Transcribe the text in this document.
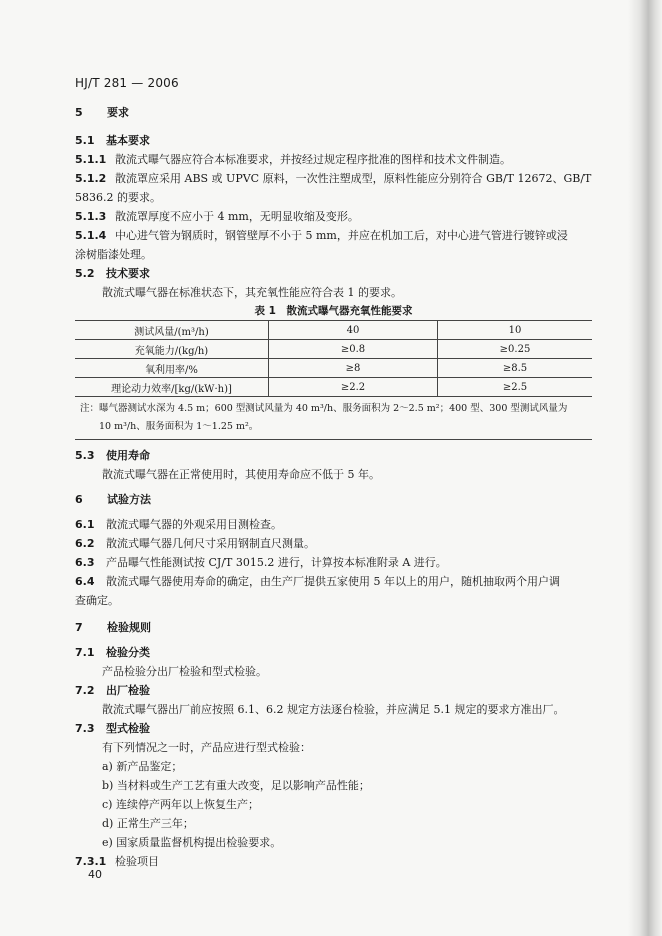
HJ/T 281 — 2006
5 要求
5.1 基本要求
5.1.1 散流式曝气器应符合本标准要求，并按经过规定程序批准的图样和技术文件制造。
5.1.2 散流罩应采用 ABS 或 UPVC 原料，一次性注塑成型，原料性能应分别符合 GB/T 12672、GB/T
5836.2 的要求。
5.1.3 散流罩厚度不应小于 4 mm，无明显收缩及变形。
5.1.4 中心进气管为钢质时，钢管壁厚不小于 5 mm，并应在机加工后，对中心进气管进行镀锌或浸
涂树脂漆处理。
5.2 技术要求
散流式曝气器在标准状态下，其充氧性能应符合表 1 的要求。
表 1　散流式曝气器充氧性能要求
测试风量/(m³/h)	40	10
充氧能力/(kg/h)	≥0.8	≥0.25
氧利用率/%	≥8	≥8.5
理论动力效率/[kg/(kW·h)]	≥2.2	≥2.5

注：曝气器测试水深为 4.5 m；600 型测试风量为 40 m³/h、服务面积为 2～2.5 m²；400 型、300 型测试风量为
10 m³/h、服务面积为 1～1.25 m²。		
5.3 使用寿命
散流式曝气器在正常使用时，其使用寿命应不低于 5 年。
6 试验方法
6.1 散流式曝气器的外观采用目测检查。
6.2 散流式曝气器几何尺寸采用钢制直尺测量。
6.3 产品曝气性能测试按 CJ/T 3015.2 进行，计算按本标准附录 A 进行。
6.4 散流式曝气器使用寿命的确定，由生产厂提供五家使用 5 年以上的用户，随机抽取两个用户调
查确定。
7 检验规则
7.1 检验分类
产品检验分出厂检验和型式检验。
7.2 出厂检验
散流式曝气器出厂前应按照 6.1、6.2 规定方法逐台检验，并应满足 5.1 规定的要求方准出厂。
7.3 型式检验
有下列情况之一时，产品应进行型式检验：
a) 新产品鉴定；
b) 当材料或生产工艺有重大改变，足以影响产品性能；
c) 连续停产两年以上恢复生产；
d) 正常生产三年；
e) 国家质量监督机构提出检验要求。
7.3.1 检验项目
40
